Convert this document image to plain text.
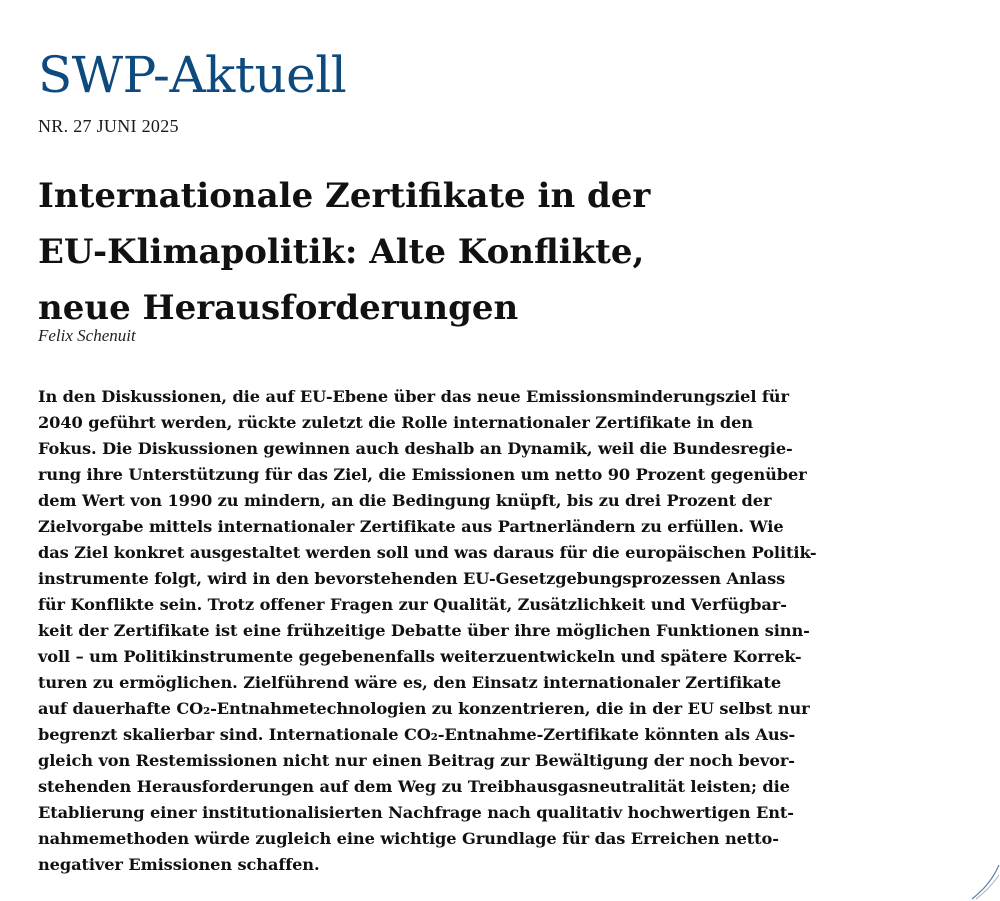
SWP-Aktuell
NR. 27 JUNI 2025
Internationale Zertifikate in der
EU-Klimapolitik: Alte Konflikte,
neue Herausforderungen
Felix Schenuit
In den Diskussionen, die auf EU-Ebene über das neue Emissionsminderungsziel für
2040 geführt werden, rückte zuletzt die Rolle internationaler Zertifikate in den
Fokus. Die Diskussionen gewinnen auch deshalb an Dynamik, weil die Bundesregie-
rung ihre Unterstützung für das Ziel, die Emissionen um netto 90 Prozent gegenüber
dem Wert von 1990 zu mindern, an die Bedingung knüpft, bis zu drei Prozent der
Zielvorgabe mittels internationaler Zertifikate aus Partnerländern zu erfüllen. Wie
das Ziel konkret ausgestaltet werden soll und was daraus für die europäischen Politik-
instrumente folgt, wird in den bevorstehenden EU-Gesetzgebungsprozessen Anlass
für Konflikte sein. Trotz offener Fragen zur Qualität, Zusätzlichkeit und Verfügbar-
keit der Zertifikate ist eine frühzeitige Debatte über ihre möglichen Funktionen sinn-
voll – um Politikinstrumente gegebenenfalls weiterzuentwickeln und spätere Korrek-
turen zu ermöglichen. Zielführend wäre es, den Einsatz internationaler Zertifikate
auf dauerhafte CO₂-Entnahmetechnologien zu konzentrieren, die in der EU selbst nur
begrenzt skalierbar sind. Internationale CO₂-Entnahme-Zertifikate könnten als Aus-
gleich von Restemissionen nicht nur einen Beitrag zur Bewältigung der noch bevor-
stehenden Herausforderungen auf dem Weg zu Treibhausgasneutralität leisten; die
Etablierung einer institutionalisierten Nachfrage nach qualitativ hochwertigen Ent-
nahmemethoden würde zugleich eine wichtige Grundlage für das Erreichen netto-
negativer Emissionen schaffen.
